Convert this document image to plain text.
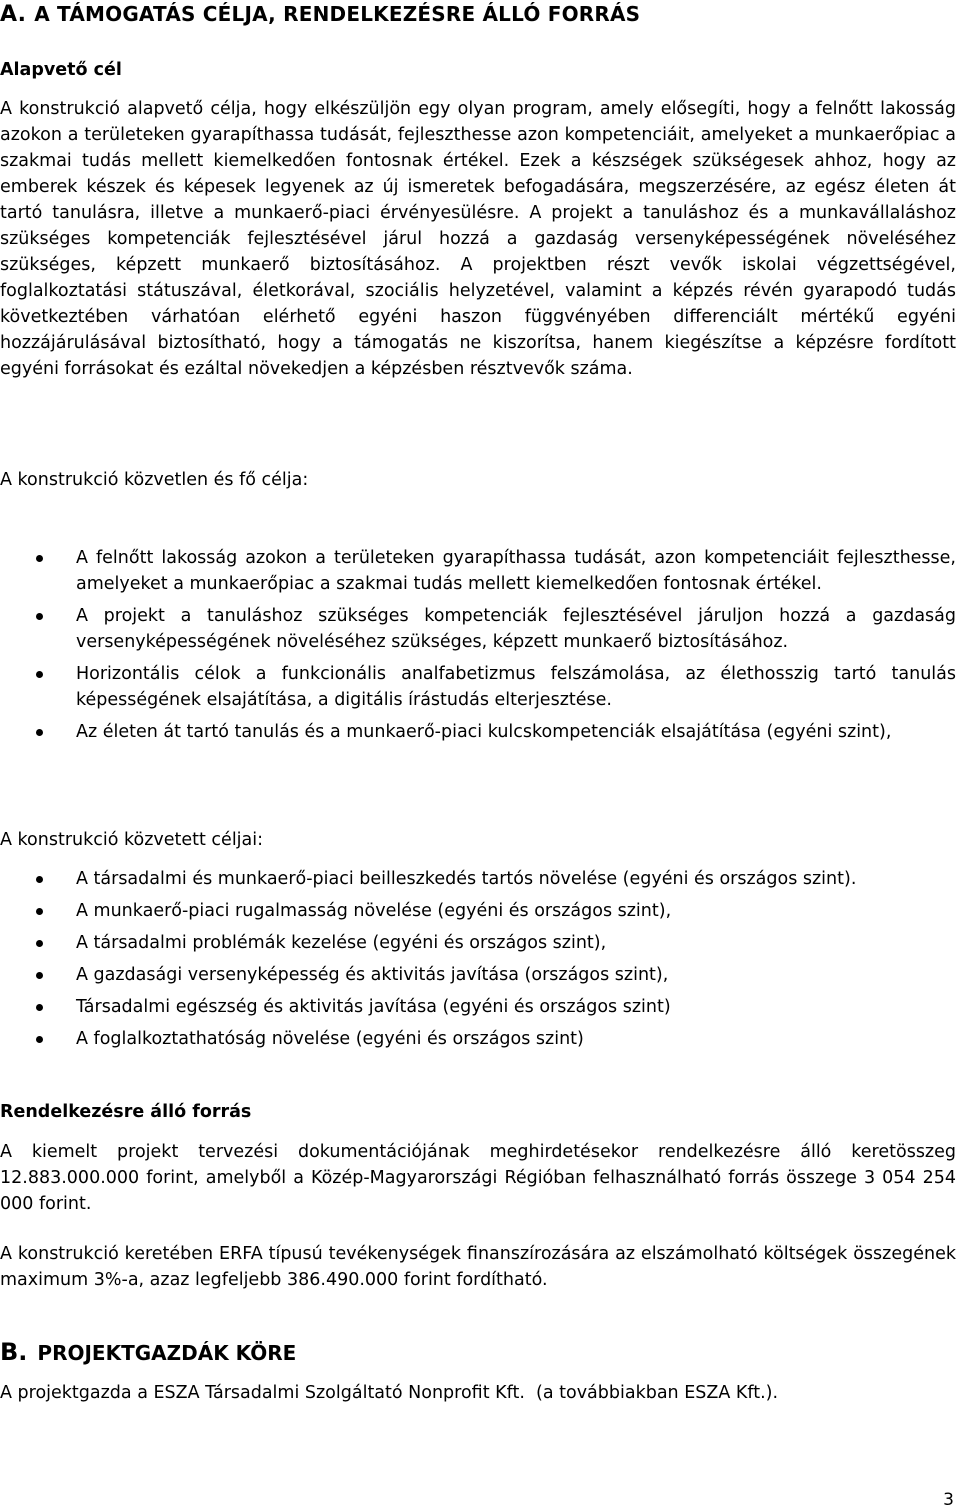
A. A TÁMOGATÁS CÉLJA, RENDELKEZÉSRE ÁLLÓ FORRÁS
Alapvető cél

A konstrukció alapvető célja, hogy elkészüljön egy olyan program, amely elősegíti, hogy a felnőtt lakosság azokon a területeken gyarapíthassa tudását, fejleszthesse azon kompetenciáit, amelyeket a munkaerőpiac a szakmai tudás mellett kiemelkedően fontosnak értékel. Ezek a készségek szükségesek ahhoz, hogy az emberek készek és képesek legyenek az új ismeretek befogadására, megszerzésére, az egész életen át tartó tanulásra, illetve a munkaerő-piaci érvényesülésre. A projekt a tanuláshoz és a munkavállaláshoz szükséges kompetenciák fejlesztésével járul hozzá a gazdaság versenyképességének növeléséhez szükséges, képzett munkaerő biztosításához. A projektben részt vevők iskolai végzettségével, foglalkoztatási státuszával, életkorával, szociális helyzetével, valamint a képzés révén gyarapodó tudás következtében várhatóan elérhető egyéni haszon függvényében differenciált mértékű egyéni hozzájárulásával biztosítható, hogy a támogatás ne kiszorítsa, hanem kiegészítse a képzésre fordított egyéni forrásokat és ezáltal növekedjen a képzésben résztvevők száma.

A konstrukció közvetlen és fő célja:
A felnőtt lakosság azokon a területeken gyarapíthassa tudását, azon kompetenciáit fejleszthesse, amelyeket a munkaerőpiac a szakmai tudás mellett kiemelkedően fontosnak értékel.
A projekt a tanuláshoz szükséges kompetenciák fejlesztésével járuljon hozzá a gazdaság versenyképességének növeléséhez szükséges, képzett munkaerő biztosításához.
Horizontális célok a funkcionális analfabetizmus felszámolása, az élethosszig tartó tanulás képességének elsajátítása, a digitális írástudás elterjesztése.
Az életen át tartó tanulás és a munkaerő-piaci kulcskompetenciák elsajátítása (egyéni szint),
A konstrukció közvetett céljai:
A társadalmi és munkaerő-piaci beilleszkedés tartós növelése (egyéni és országos szint).
A munkaerő-piaci rugalmasság növelése (egyéni és országos szint),
A társadalmi problémák kezelése (egyéni és országos szint),
A gazdasági versenyképesség és aktivitás javítása (országos szint),
Társadalmi egészség és aktivitás javítása (egyéni és országos szint)
A foglalkoztathatóság növelése (egyéni és országos szint)
Rendelkezésre álló forrás

A kiemelt projekt tervezési dokumentációjának meghirdetésekor rendelkezésre álló keretösszeg 12.883.000.000 forint, amelyből a Közép-Magyarországi Régióban felhasználható forrás összege 3 054 254 000 forint.

A konstrukció keretében ERFA típusú tevékenységek finanszírozására az elszámolható költségek összegének maximum 3%-a, azaz legfeljebb 386.490.000 forint fordítható.

B. PROJEKTGAZDÁK KÖRE

A projektgazda a ESZA Társadalmi Szolgáltató Nonprofit Kft.  (a továbbiakban ESZA Kft.).

3
